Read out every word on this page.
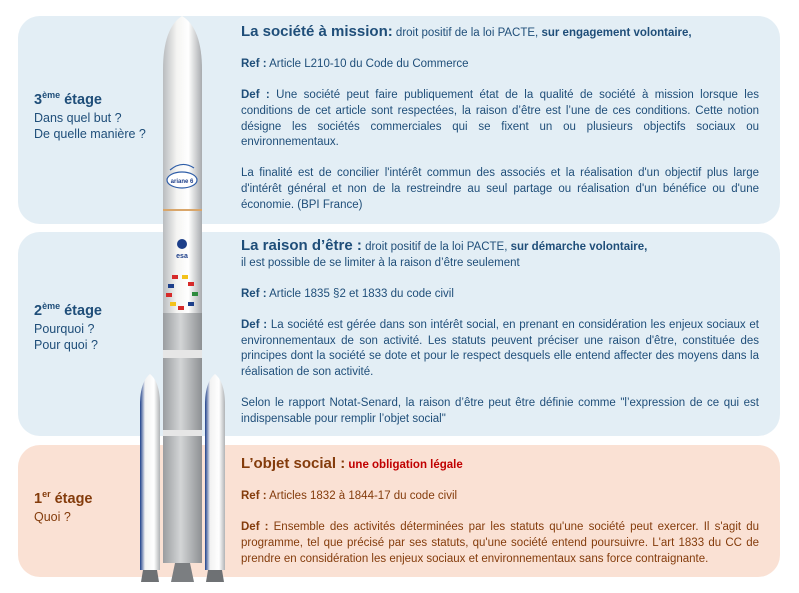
3ème étage
Dans quel but ?
De quelle manière ?
2ème étage
Pourquoi ?
Pour quoi ?
1er étage
Quoi ?
ariane 6
esa

La société à mission: droit positif de la loi PACTE, sur engagement volontaire,

Ref : Article L210-10 du Code du Commerce

Def : Une société peut faire publiquement état de la qualité de société à mission lorsque les conditions de cet article sont respectées, la raison d’être est l’une de ces conditions. Cette notion désigne les sociétés commerciales qui se fixent un ou plusieurs objectifs sociaux ou environnementaux.

La finalité est de concilier l'intérêt commun des associés et la réalisation d'un objectif plus large d'intérêt général et non de la restreindre au seul partage ou réalisation d'un bénéfice ou d'une économie. (BPI France)

La raison d’être : droit positif de la loi PACTE, sur démarche volontaire,
il est possible de se limiter à la raison d’être seulement

Ref : Article 1835 §2 et 1833 du code civil

Def : La société est gérée dans son intérêt social, en prenant en considération les enjeux sociaux et environnementaux de son activité. Les statuts peuvent préciser une raison d'être, constituée des principes dont la société se dote et pour le respect desquels elle entend affecter des moyens dans la réalisation de son activité.

Selon le rapport Notat-Senard, la raison d’être peut être définie comme "l’expression de ce qui est indispensable pour remplir l’objet social"

L’objet social : une obligation légale

Ref : Articles 1832 à 1844-17 du code civil

Def : Ensemble des activités déterminées par les statuts qu'une société peut exercer. Il s'agit du programme, tel que précisé par ses statuts, qu'une société entend poursuivre. L'art 1833 du CC de prendre en considération les enjeux sociaux et environnementaux sans force contraignante.
